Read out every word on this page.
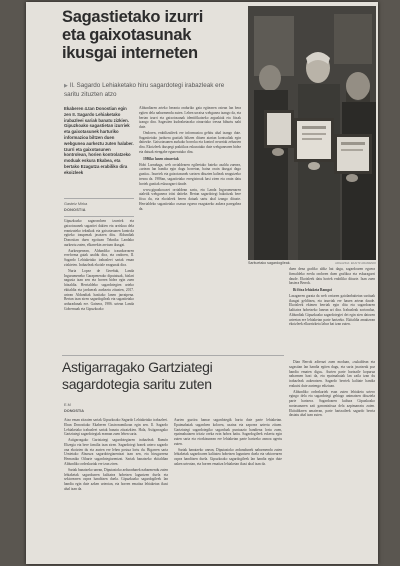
Sagastietako izurri
eta gaixotasunak
ikusgai interneten
▶ Il. Sagardo Lehiaketako hiru sagardotegi irabazleak ere saritu zituzten atzo
Ekaberen 4.tan Donostian egin zen II. Sagardo Lehiaketako irabazleei sariak banatu zizkien. Gipuzkoako sagastietan izurriek eta gaixotasunek harturiko informazioa biltzen duen webgunea aurkeztu zuten halaber. Izurri eta gaixotasunen kontrolean, horien kontrolatzeko moduak eskura Ekabea, eta bertako Ezagutza erabiliko dira ekoizleek
Gasteiz Mirka
DONOSTIA

Gipuzkoako sagarondoen izurriek eta gaixotasunek sagastiei dakien eta arriskua dela erantzuteko teknikak eta gaixotasunen kontrola egiteko iraupenak jasotzen ditu. Aldundiak Donostian duen egoitzan Teknika Landako aurkeztu zuten, elkarrekin aretoan ikusgai.

Aurkezpenean, Aldundiko iraunkorraren erreforma gaiak azaldu dira, eta ondoren, II. Sagardo Lehiaketako irabazleei sariak eman zizkieten. Irabazleak ekoizle ezagunak dira.

Nuria Lopez de Gereñuk, Landa Ingurumeneko Garapenerako diputatuak, hizlari nagusia izan zen eta horren bidez egin zuen hitzaldia. Herrialdeko sagardotegien arteko ekitaldia eta jarduerak aurkeztu zituzten, 2017. urtean Aldundiak hasitako lanen jarraipena. Bertan izan ziren sagardogileak eta sagastietako arduradunak ere. Gainera, 1986. urtean Landa Gobernuak eta Gipuzkoako

Aldundiaren arteko beranta onduriko gaia egitearen ostean lan bera egiten dela nabarmendu zuten. Lehen urratsa webgunea izango da, eta bertan izurri eta gaixotasunak identifikatzeko argazkiak eta fitxak izango dira. Sagastien kudeaketarako oinarrizko tresna bihurtu nahi dute.

Ondoren, erabiltzaileek ere informazioa gehitu ahal izango dute. Sagastietako jarduera guztiak biltzen dituen atarian kontsultak egin daitezke. Gaixotasunen aurkako borroka eta kontrol neurriak zehazten dira. Ekoizleek ikuspegi praktikoa eskuratuko dute webgunearen bidez eta datuak etengabe eguneratuko dira.

1986ko lanen oinarriak

Hobi Larrañaga, web orrialdearen egileetako bateko azaldu zuenez, «urtean lan handia egin dugu horretan, baina orain ikusgai dago guztia». Izurriek eta gaixotasunek sortzen dituzten kalteak ezagutzeko tresna da. 1986an, sagastietako erregistroak hasi ziren eta orain datu horiek guztiak eskuragarri daude.

www.gipuzkoa.net orrialdean sartu, eta Landa Ingurumenaren ataletik webgunera iritsi daiteke. Bertan sagardotegi bakoitzak bere fitxa du, eta ekoizleek beren datuak sartu ahal izango dituzte. Herrialdeko sagastietako osasun egoera ezagutzeko aukera paregabea da.

Sarituetako sagardogileak.	ARGAZKIA: EKAITZ ARAMENDI

duen dena grafiko aldiz hat dagu, sagardoaren egoera firmaldeko eredu ondoren duen grafikoa eta eskuragarri daude. Ekoizleek datu horiek erabiliko dituzte. Izan zuen hasiera Berrok.

Bi fitxa lehiaketa Bamgoi

Lasagarren garaia da web orriaren gaiolanbaitetan sarituak ikusgai gelditzea, eta izurriak ere hauen artean daude. Ekoizleek ekimen berriak egin ditu eta sagardoaren kalitatea hobetzeko lanean ari dira. Irabazleak zorionduz, Aldundiak Gipuzkoako sagardotegiei dei egin zien datozen urteetan ere lehiaketan parte hartzeko. Ekitaldia amaitzean ekoizleek elkarrizketa labur bat izan zuten.

Dian Berrok adierazi zuen moduan, «sukaldean eta sagastian lan handia egiten dugu, eta saria jasotzeak poz handia ematen digu». Aurten parte hartzaile kopurua nabarmen hazi da, eta epaimahaiak lan zaila izan du irabazleak aukeratzen. Sagardo berriek kalitate handia erakutsi dute aurtengo edizioan.

Aldundiko ordezkariek esan zuten lehiaketa urtero egingo dela eta sagardotegi gehiago animatzen dituztela parte hartzera. Sagardoaren kultura Gipuzkoako nortasunaren zati garrantzitsua dela azpimarratu zuten. Ekitaldiaren amaieran, parte hartzaileek sagardo berria dastatu ahal izan zuten.

Astigarragako Gartziategi
sagardotegia saritu zuten
E.M
DONOSTIA

Atzo eman zitzaien sariak Gipuzkoako Sagardo Lehiaketako irabazleei. Ehun Donostiako Ekaberen Gastronomikoan egin zen. Il. Sagardo Lehiaketako irabazleei sariak banatu zitzaizkien. Hala, Astigarragako Gartziategi sagardotegiak eraman zuen lehen saria.

Astigarragako Gartziategi sagardotegiaren irabazleak Ramón Eltzegia eta bere familia izan ziren. Sagardotegi honek urtero sagardo ona ekoizten du eta aurten ere lehen postua lortu du. Bigarren saria Urnietako Aburuza sagardotegiarentzat izan zen, eta hirugarrena Hernaniko Oiharte sagardotegiarentzat. Sariak banatzeko ekitaldian Aldundiko ordezkariak ere izan ziren.

Sariak banatzeko unean, Diputazioko arduradunek nabarmendu zuten lehiaketak sagardoaren kalitatea hobetzen laguntzen duela eta sektorearen ospea handitzen duela. Gipuzkoako sagardogileek lan handia egin dute azken urteotan, eta horren emaitza lehiaketan ikusi ahal izan da.

Aurten guztira hamar sagardotegik hartu dute parte lehiaketan. Epaimahaiak sagardoen kolorea, usaina eta zaporea aztertu zituen. Gartziategi sagardotegiko sagardoak puntuazio handiena lortu zuen, epaimahaiaren iritziz oreka ezin hobea baitu. Sagardogileek eskertu egin zuten saria eta etorkizunean ere lehiaketan parte hartzeko asmoa agertu zuten.

Sariak banatzeko unean, Diputazioko arduradunek nabarmendu zuten lehiaketak sagardoaren kalitatea hobetzen laguntzen duela eta sektorearen ospea handitzen duela. Gipuzkoako sagardogileek lan handia egin dute azken urteotan, eta horren emaitza lehiaketan ikusi ahal izan da.
